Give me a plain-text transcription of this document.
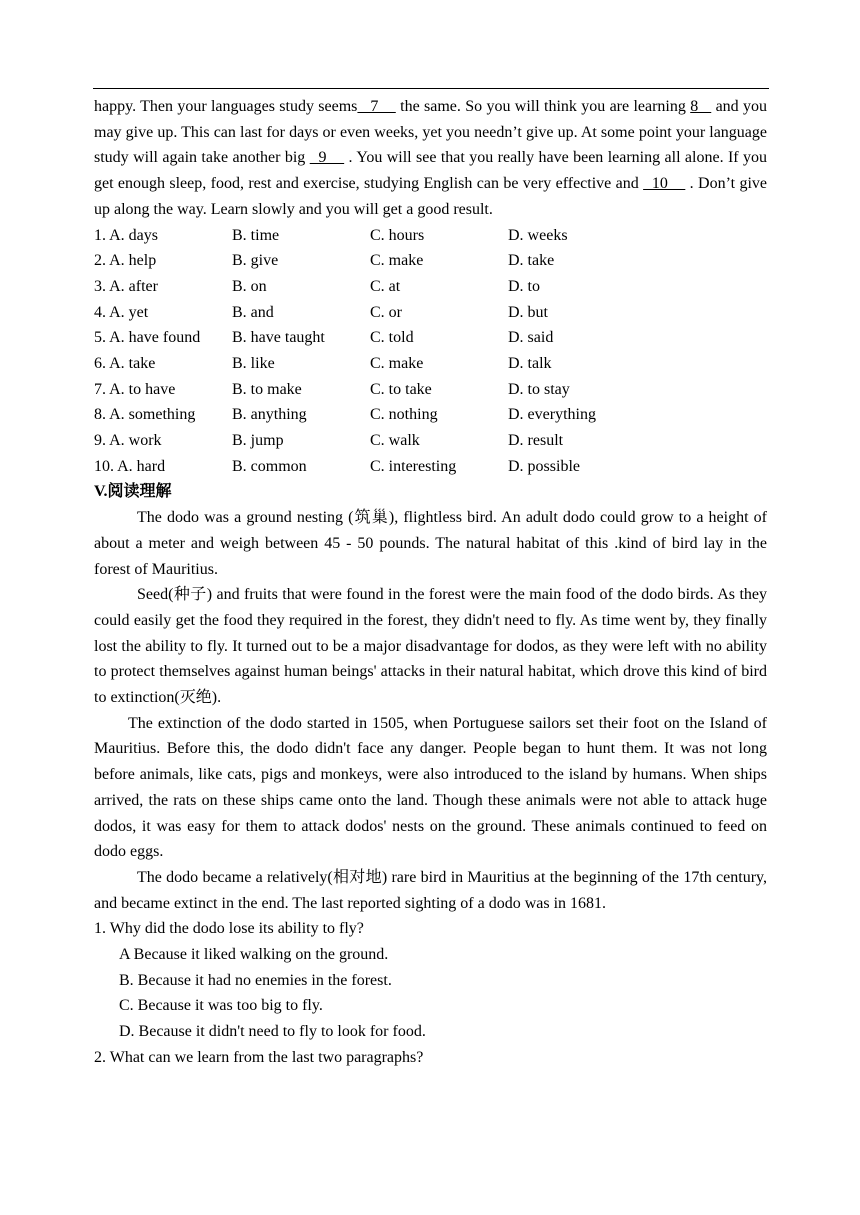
happy. Then your languages study seems   7     the same. So you will think you are learning 8    and you may give up. This can last for days or even weeks, yet you needn’t give up. At some point your language study will again take another big   9     . You will see that you really have been learning all alone. If you get enough sleep, food, rest and exercise, studying English can be very effective and   10     . Don’t give up along the way. Learn slowly and you will get a good result.

1. A. days	B. time	C. hours	D. weeks
2. A. help	B. give	C. make	D. take
3. A. after	B. on	C. at	D. to
4. A. yet	B. and	C. or	D. but
5. A. have found	B. have taught	C. told	D. said
6. A. take	B. like	C. make	D. talk
7. A. to have	B. to make	C. to take	D. to stay
8. A. something	B. anything	C. nothing	D. everything
9. A. work	B. jump	C. walk	D. result
10. A. hard	B. common	C. interesting	D. possible

V.阅读理解

The dodo was a ground nesting (筑巢), flightless bird. An adult dodo could grow to a height of about a meter and weigh between 45 - 50 pounds. The natural habitat of this .kind of bird lay in the forest of Mauritius.

Seed(种子) and fruits that were found in the forest were the main food of the dodo birds. As they could easily get the food they required in the forest, they didn't need to fly. As time went by, they finally lost the ability to fly. It turned out to be a major disadvantage for dodos, as they were left with no ability to protect themselves against human beings' attacks in their natural habitat, which drove this kind of bird to extinction(灭绝).

The extinction of the dodo started in 1505, when Portuguese sailors set their foot on the Island of Mauritius. Before this, the dodo didn't face any danger. People began to hunt them. It was not long before animals, like cats, pigs and monkeys, were also introduced to the island by humans. When ships arrived, the rats on these ships came onto the land. Though these animals were not able to attack huge dodos, it was easy for them to attack dodos' nests on the ground. These animals continued to feed on dodo eggs.

The dodo became a relatively(相对地) rare bird in Mauritius at the beginning of the 17th century, and became extinct in the end. The last reported sighting of a dodo was in 1681.

1. Why did the dodo lose its ability to fly?

A Because it liked walking on the ground.

B. Because it had no enemies in the forest.

C. Because it was too big to fly.

D. Because it didn't need to fly to look for food.

2. What can we learn from the last two paragraphs?
